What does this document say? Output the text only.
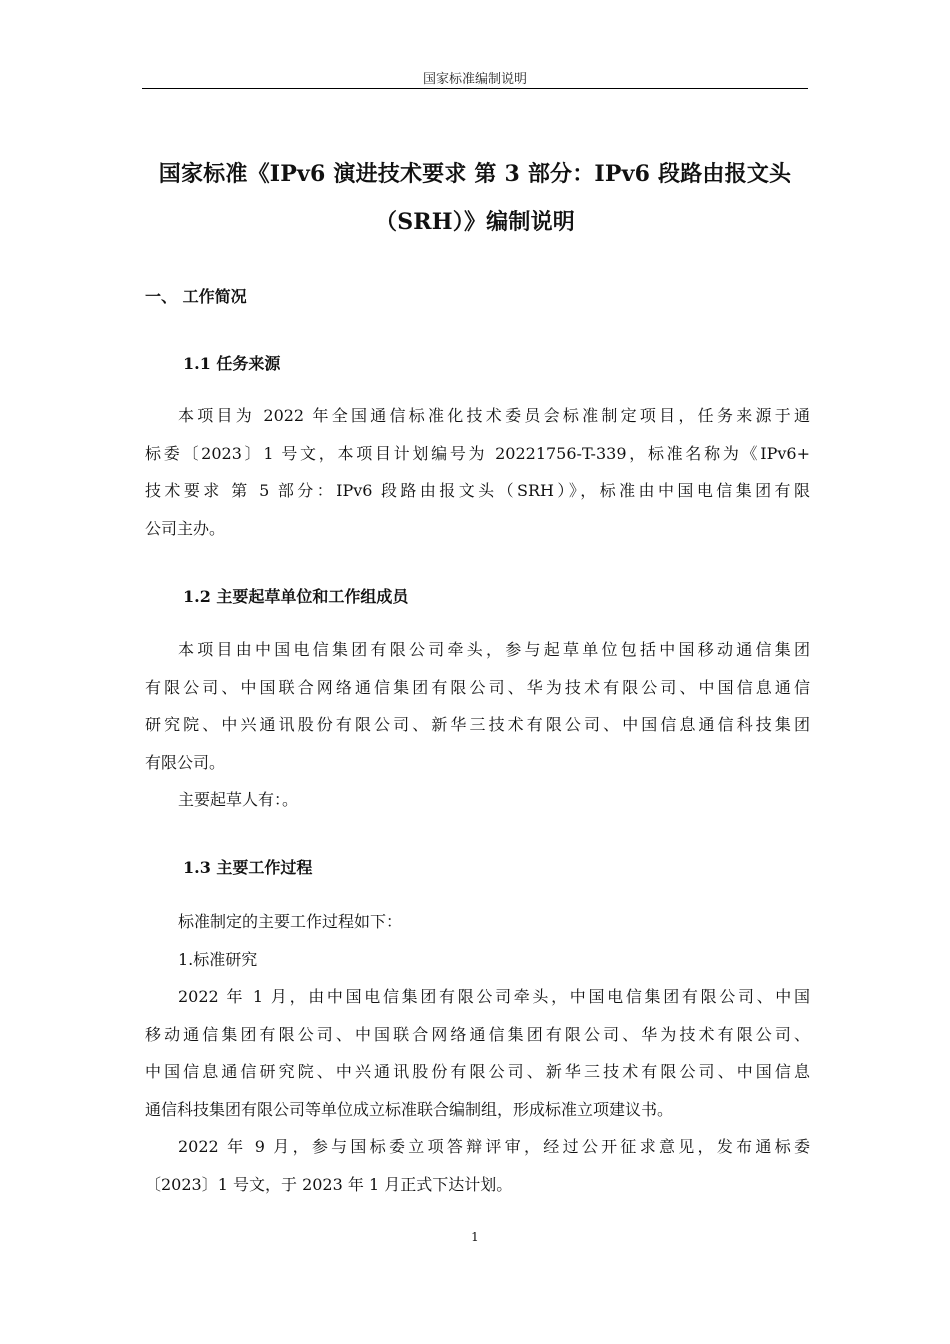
国家标准编制说明
国家标准《IPv6 演进技术要求 第 3 部分：IPv6 段路由报文头
（SRH）》编制说明
一、 工作简况
1.1 任务来源
本项目为 2022 年全国通信标准化技术委员会标准制定项目，任务来源于通
标委〔2023〕1 号文，本项目计划编号为 20221756-T-339，标准名称为《IPv6+
技术要求 第 5 部分：IPv6 段路由报文头（SRH）》，标准由中国电信集团有限
公司主办。
1.2 主要起草单位和工作组成员
本项目由中国电信集团有限公司牵头，参与起草单位包括中国移动通信集团
有限公司、中国联合网络通信集团有限公司、华为技术有限公司、中国信息通信
研究院、中兴通讯股份有限公司、新华三技术有限公司、中国信息通信科技集团
有限公司。
主要起草人有：。
1.3 主要工作过程
标准制定的主要工作过程如下：
1.标准研究
2022 年 1 月，由中国电信集团有限公司牵头，中国电信集团有限公司、中国
移动通信集团有限公司、中国联合网络通信集团有限公司、华为技术有限公司、
中国信息通信研究院、中兴通讯股份有限公司、新华三技术有限公司、中国信息
通信科技集团有限公司等单位成立标准联合编制组，形成标准立项建议书。
2022 年 9 月，参与国标委立项答辩评审，经过公开征求意见，发布通标委
〔2023〕1 号文，于 2023 年 1 月正式下达计划。
1
